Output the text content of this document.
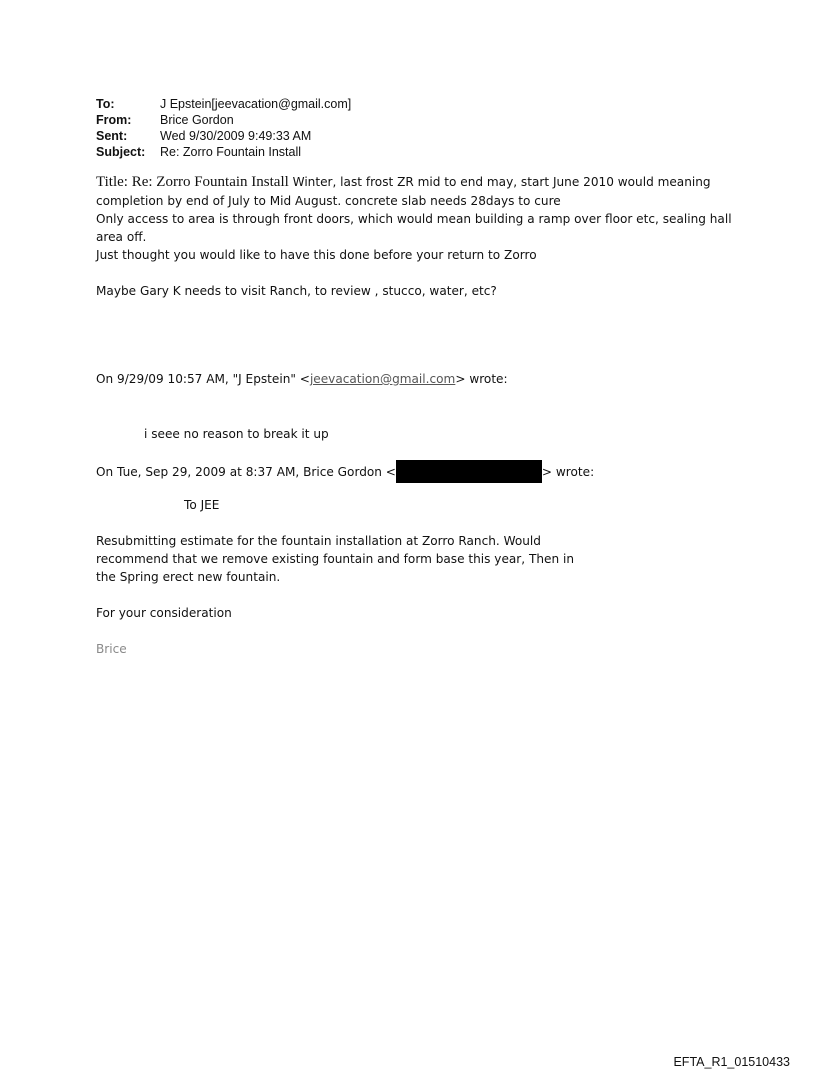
To:	J Epstein[jeevacation@gmail.com]
From:	Brice Gordon
Sent:	Wed 9/30/2009 9:49:33 AM
Subject:	Re: Zorro Fountain Install
Title: Re: Zorro Fountain Install Winter, last frost ZR mid to end may, start June 2010 would meaning
completion by end of July to Mid August. concrete slab needs 28days to cure
Only access to area is through front doors, which would mean building a ramp over floor etc, sealing hall
area off.
Just thought you would like to have this done before your return to Zorro
Maybe Gary K needs to visit Ranch, to review , stucco, water, etc?
On 9/29/09 10:57 AM, "J Epstein" <jeevacation@gmail.com> wrote:
i seee no reason to break it up
On Tue, Sep 29, 2009 at 8:37 AM, Brice Gordon <	> wrote:
To JEE
Resubmitting estimate for the fountain installation at Zorro Ranch. Would
recommend that we remove existing fountain and form base this year, Then in
the Spring erect new fountain.
For your consideration
Brice
EFTA_R1_01510433
